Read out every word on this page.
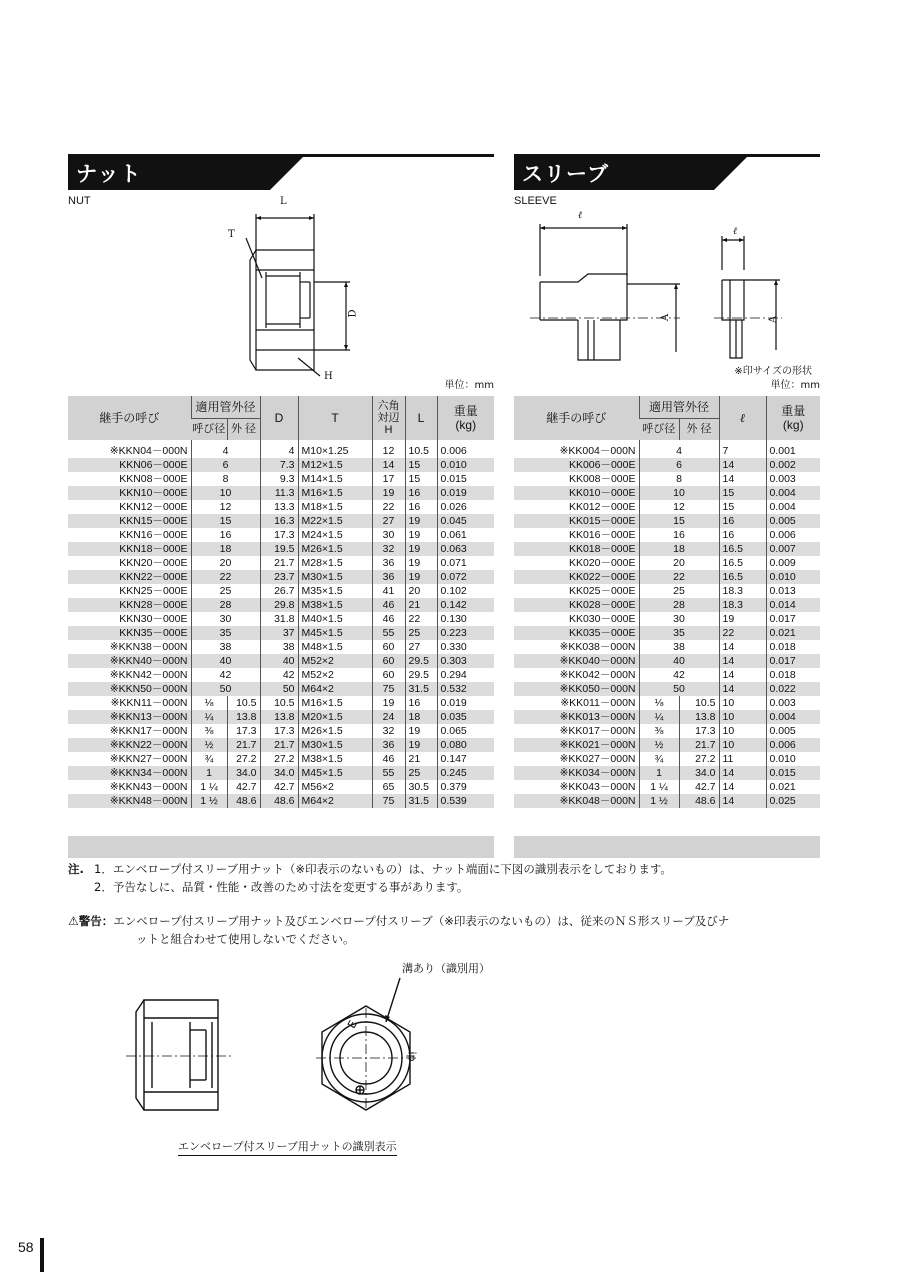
ナット
NUT	L
T
D
H
単位：mm
継手の呼び	適用管外径		D	T	六角対辺H	L	重量
(kg)

	呼び径	外 径					
※KKN04－000N	4		4	M10×1.25	12	10.5	0.006
KKN06－000E	6		7.3	M12×1.5	14	15	0.010
KKN08－000E	8		9.3	M14×1.5	17	15	0.015
KKN10－000E	10		11.3	M16×1.5	19	16	0.019
KKN12－000E	12		13.3	M18×1.5	22	16	0.026
KKN15－000E	15		16.3	M22×1.5	27	19	0.045
KKN16－000E	16		17.3	M24×1.5	30	19	0.061
KKN18－000E	18		19.5	M26×1.5	32	19	0.063
KKN20－000E	20		21.7	M28×1.5	36	19	0.071
KKN22－000E	22		23.7	M30×1.5	36	19	0.072
KKN25－000E	25		26.7	M35×1.5	41	20	0.102
KKN28－000E	28		29.8	M38×1.5	46	21	0.142
KKN30－000E	30		31.8	M40×1.5	46	22	0.130
KKN35－000E	35		37	M45×1.5	55	25	0.223
※KKN38－000N	38		38	M48×1.5	60	27	0.330
※KKN40－000N	40		40	M52×2	60	29.5	0.303
※KKN42－000N	42		42	M52×2	60	29.5	0.294
※KKN50－000N	50		50	M64×2	75	31.5	0.532
※KKN11－000N	⅛	10.5	10.5	M16×1.5	19	16	0.019
※KKN13－000N	¼	13.8	13.8	M20×1.5	24	18	0.035
※KKN17－000N	⅜	17.3	17.3	M26×1.5	32	19	0.065
※KKN22－000N	½	21.7	21.7	M30×1.5	36	19	0.080
※KKN27－000N	¾	27.2	27.2	M38×1.5	46	21	0.147
※KKN34－000N	1	34.0	34.0	M45×1.5	55	25	0.245
※KKN43－000N	1 ¼	42.7	42.7	M56×2	65	30.5	0.379
※KKN48－000N	1 ½	48.6	48.6	M64×2	75	31.5	0.539
スリーブ
SLEEVE
ℓ
A
ℓ
A
※印サイズの形状
単位：mm
継手の呼び	適用管外径		ℓ	重量
(kg)

	呼び径	外 径		
※KK004－000N	4		7	0.001
KK006－000E	6		14	0.002
KK008－000E	8		14	0.003
KK010－000E	10		15	0.004
KK012－000E	12		15	0.004
KK015－000E	15		16	0.005
KK016－000E	16		16	0.006
KK018－000E	18		16.5	0.007
KK020－000E	20		16.5	0.009
KK022－000E	22		16.5	0.010
KK025－000E	25		18.3	0.013
KK028－000E	28		18.3	0.014
KK030－000E	30		19	0.017
KK035－000E	35		22	0.021
※KK038－000N	38		14	0.018
※KK040－000N	40		14	0.017
※KK042－000N	42		14	0.018
※KK050－000N	50		14	0.022
※KK011－000N	⅛	10.5	10	0.003
※KK013－000N	¼	13.8	10	0.004
※KK017－000N	⅜	17.3	10	0.005
※KK021－000N	½	21.7	10	0.006
※KK027－000N	¾	27.2	11	0.010
※KK034－000N	1	34.0	14	0.015
※KK043－000N	1 ¼	42.7	14	0.021
※KK048－000N	1 ½	48.6	14	0.025
注. 1．エンベロープ付スリーブ用ナット（※印表示のないもの）は、ナット端面に下図の識別表示をしております。
2．予告なしに、品質・性能・改善のため寸法を変更する事があります。
⚠警告：エンベロープ付スリーブ用ナット及びエンベロープ付スリーブ（※印表示のないもの）は、従来のＮＳ形スリーブ及びナ
ットと組合わせて使用しないでください。
溝あり（識別用）
E
ip
エンベロープ付スリーブ用ナットの識別表示
58
